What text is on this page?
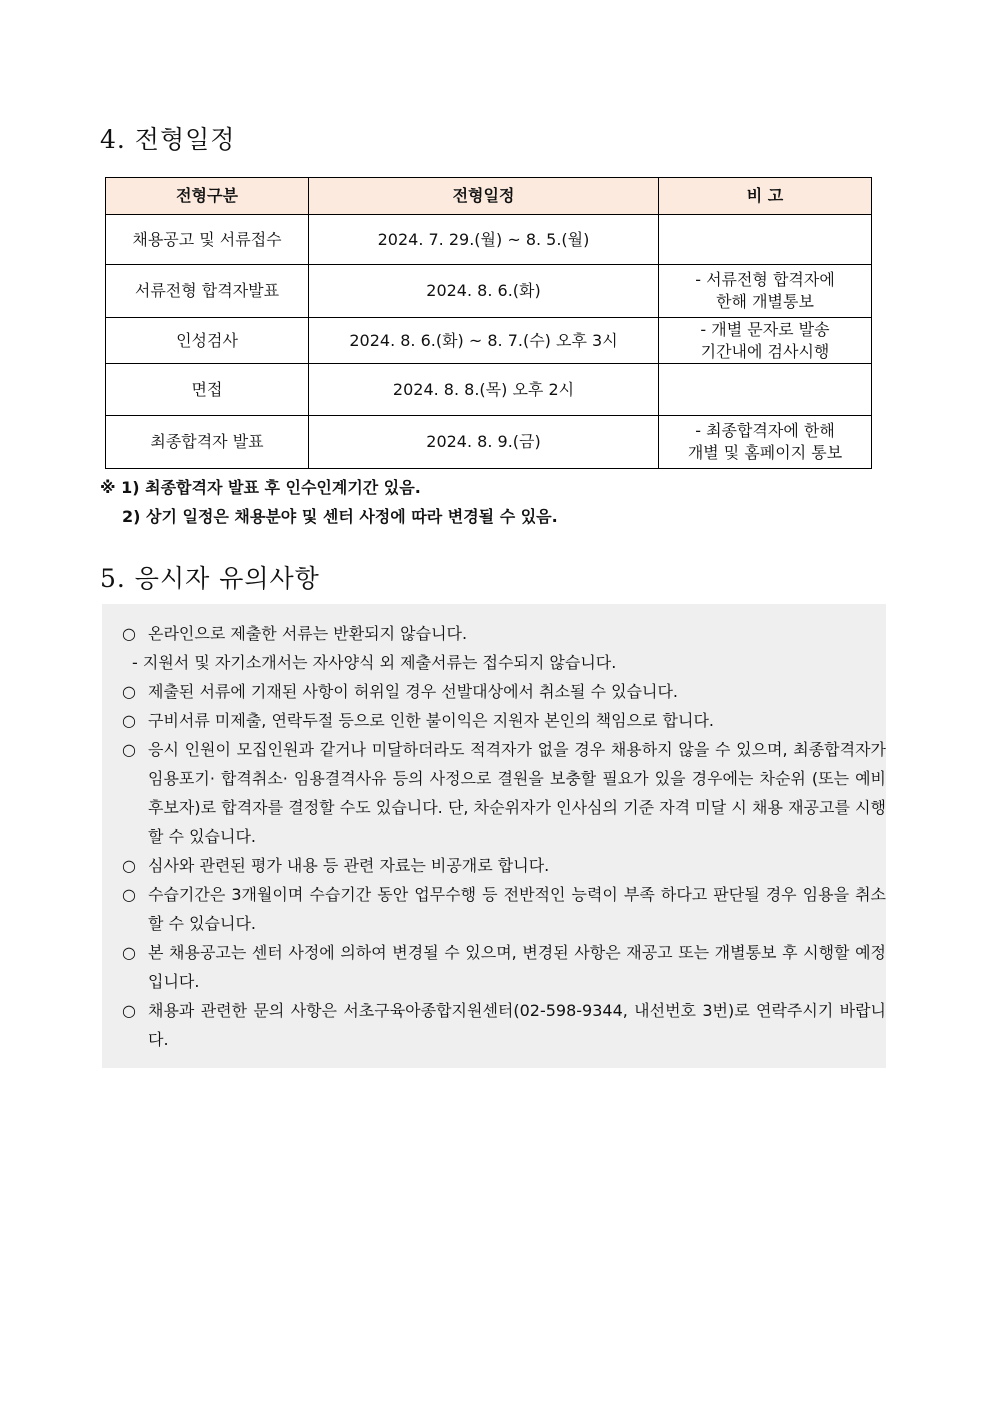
4. 전형일정
전형구분	전형일정	비 고
채용공고 및 서류접수	2024. 7. 29.(월) ~ 8. 5.(월)	

서류전형 합격자발표	2024. 8. 6.(화)	- 서류전형 합격자에
한해 개별통보

인성검사	2024. 8. 6.(화) ~ 8. 7.(수) 오후 3시	- 개별 문자로 발송
기간내에 검사시행

면접	2024. 8. 8.(목) 오후 2시	

최종합격자 발표	2024. 8. 9.(금)	- 최종합격자에 한해
개별 및 홈페이지 통보
※ 1) 최종합격자 발표 후 인수인계기간 있음.
2) 상기 일정은 채용분야 및 센터 사정에 따라 변경될 수 있음.
5. 응시자 유의사항
○ 온라인으로 제출한 서류는 반환되지 않습니다.
- 지원서 및 자기소개서는 자사양식 외 제출서류는 접수되지 않습니다.
○ 제출된 서류에 기재된 사항이 허위일 경우 선발대상에서 취소될 수 있습니다.
○ 구비서류 미제출, 연락두절 등으로 인한 불이익은 지원자 본인의 책임으로 합니다.
○ 응시 인원이 모집인원과 같거나 미달하더라도 적격자가 없을 경우 채용하지 않을 수 있으며, 최종합격자가 임용포기· 합격취소· 임용결격사유 등의 사정으로 결원을 보충할 필요가 있을 경우에는 차순위 (또는 예비후보자)로 합격자를 결정할 수도 있습니다. 단, 차순위자가 인사심의 기준 자격 미달 시 채용 재공고를 시행할 수 있습니다.
○ 심사와 관련된 평가 내용 등 관련 자료는 비공개로 합니다.
○ 수습기간은 3개월이며 수습기간 동안 업무수행 등 전반적인 능력이 부족 하다고 판단될 경우 임용을 취소할 수 있습니다.
○ 본 채용공고는 센터 사정에 의하여 변경될 수 있으며, 변경된 사항은 재공고 또는 개별통보 후 시행할 예정입니다.
○ 채용과 관련한 문의 사항은 서초구육아종합지원센터(02-598-9344, 내선번호 3번)로 연락주시기 바랍니다.
